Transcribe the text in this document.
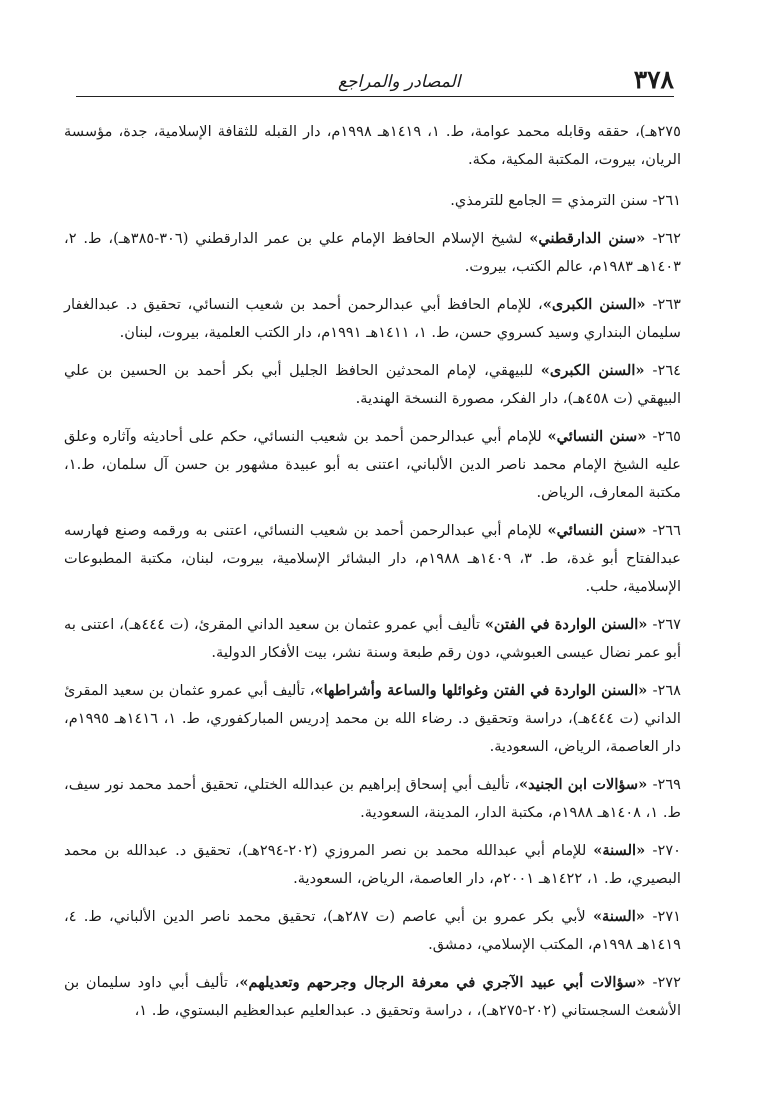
٣٧٨
المصادر والمراجع

٢٧٥هـ)، حققه وقابله محمد عوامة، ط. ١، ١٤١٩هـ ١٩٩٨م، دار القبله للثقافة الإسلامية، جدة، مؤسسة الريان، بيروت، المكتبة المكية، مكة.

٢٦١- سنن الترمذي = الجامع للترمذي.

٢٦٢- «سنن الدارقطني» لشيخ الإسلام الحافظ الإمام علي بن عمر الدارقطني (٣٠٦-٣٨٥هـ)، ط. ٢، ١٤٠٣هـ ١٩٨٣م، عالم الكتب، بيروت.

٢٦٣- «السنن الكبرى»، للإمام الحافظ أبي عبدالرحمن أحمد بن شعيب النسائي، تحقيق د. عبدالغفار سليمان البنداري وسيد كسروي حسن، ط. ١، ١٤١١هـ ١٩٩١م، دار الكتب العلمية، بيروت، لبنان.

٢٦٤- «السنن الكبرى» للبيهقي، لإمام المحدثين الحافظ الجليل أبي بكر أحمد بن الحسين بن علي البيهقي (ت ٤٥٨هـ)، دار الفكر، مصورة النسخة الهندية.

٢٦٥- «سنن النسائي» للإمام أبي عبدالرحمن أحمد بن شعيب النسائي، حكم على أحاديثه وآثاره وعلق عليه الشيخ الإمام محمد ناصر الدين الألباني، اعتنى به أبو عبيدة مشهور بن حسن آل سلمان، ط.١، مكتبة المعارف، الرياض.

٢٦٦- «سنن النسائي» للإمام أبي عبدالرحمن أحمد بن شعيب النسائي، اعتنى به ورقمه وصنع فهارسه عبدالفتاح أبو غدة، ط. ٣، ١٤٠٩هـ ١٩٨٨م، دار البشائر الإسلامية، بيروت، لبنان، مكتبة المطبوعات الإسلامية، حلب.

٢٦٧- «السنن الواردة في الفتن» تأليف أبي عمرو عثمان بن سعيد الداني المقرئ، (ت ٤٤٤هـ)، اعتنى به أبو عمر نضال عيسى العبوشي، دون رقم طبعة وسنة نشر، بيت الأفكار الدولية.

٢٦٨- «السنن الواردة في الفتن وغوائلها والساعة وأشراطها»، تأليف أبي عمرو عثمان بن سعيد المقرئ الداني (ت ٤٤٤هـ)، دراسة وتحقيق د. رضاء الله بن محمد إدريس المباركفوري، ط. ١، ١٤١٦هـ ١٩٩٥م، دار العاصمة، الرياض، السعودية.

٢٦٩- «سؤالات ابن الجنيد»، تأليف أبي إسحاق إبراهيم بن عبدالله الختلي، تحقيق أحمد محمد نور سيف، ط. ١، ١٤٠٨هـ ١٩٨٨م، مكتبة الدار، المدينة، السعودية.

٢٧٠- «السنة» للإمام أبي عبدالله محمد بن نصر المروزي (٢٠٢-٢٩٤هـ)، تحقيق د. عبدالله بن محمد البصيري، ط. ١، ١٤٢٢هـ ٢٠٠١م، دار العاصمة، الرياض، السعودية.

٢٧١- «السنة» لأبي بكر عمرو بن أبي عاصم (ت ٢٨٧هـ)، تحقيق محمد ناصر الدين الألباني، ط. ٤، ١٤١٩هـ ١٩٩٨م، المكتب الإسلامي، دمشق.

٢٧٢- «سؤالات أبي عبيد الآجري في معرفة الرجال وجرحهم وتعديلهم»، تأليف أبي داود سليمان بن الأشعث السجستاني (٢٠٢-٢٧٥هـ)، ، دراسة وتحقيق د. عبدالعليم عبدالعظيم البستوي، ط. ١،
